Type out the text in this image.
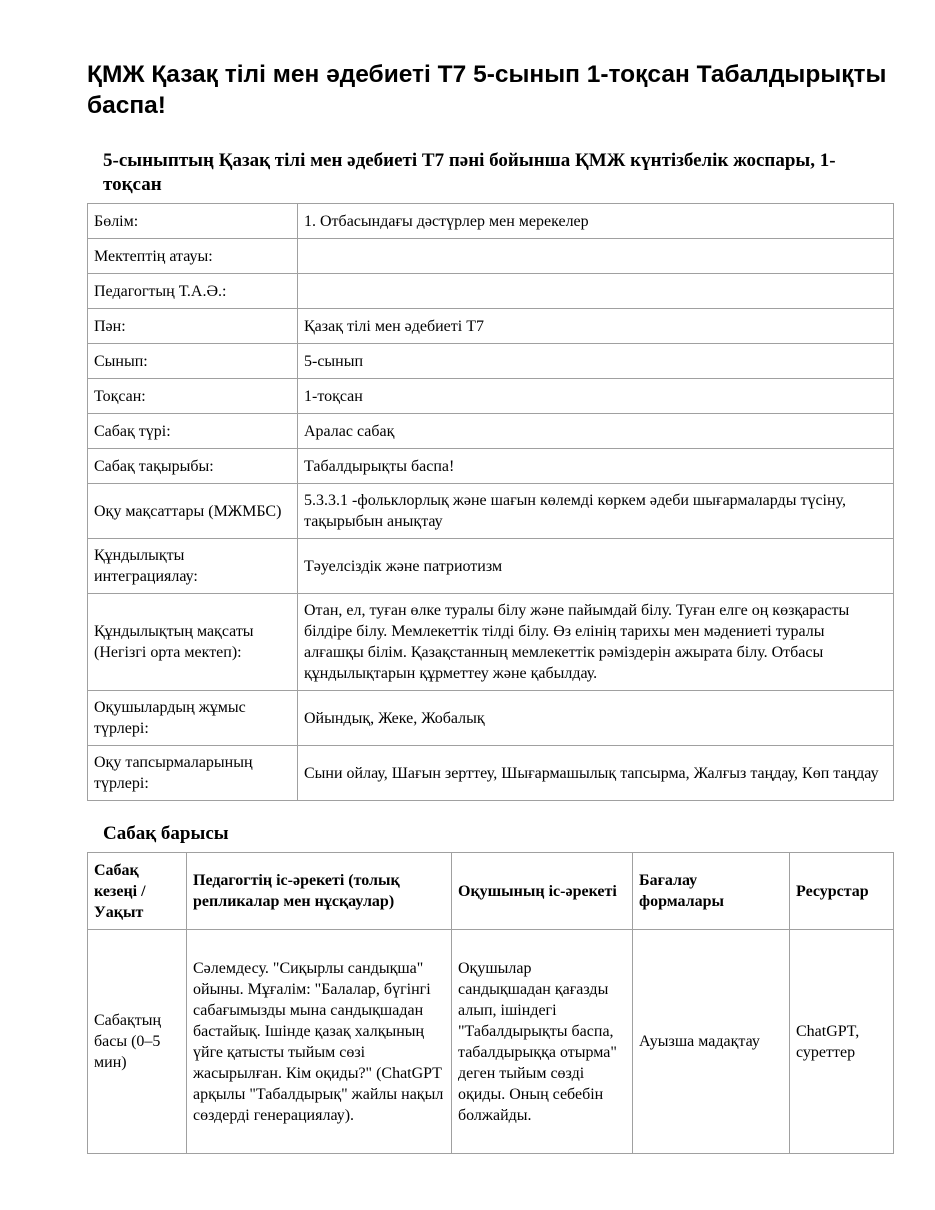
ҚМЖ Қазақ тілі мен әдебиеті Т7 5-сынып 1-тоқсан Табалдырықты баспа!
5-сыныптың Қазақ тілі мен әдебиеті Т7 пәні бойынша ҚМЖ күнтізбелік жоспары, 1-тоқсан
Бөлім:	1. Отбасындағы дәстүрлер мен мерекелер
Мектептің атауы:	
Педагогтың Т.А.Ә.:	
Пән:	Қазақ тілі мен әдебиеті Т7
Сынып:	5-сынып
Тоқсан:	1-тоқсан
Сабақ түрі:	Аралас сабақ
Сабақ тақырыбы:	Табалдырықты баспа!
Оқу мақсаттары (МЖМБС)	5.3.3.1 -фольклорлық және шағын көлемді көркем әдеби шығармаларды түсіну, тақырыбын анықтау
Құндылықты интеграциялау:	Тәуелсіздік және патриотизм
Құндылықтың мақсаты (Негізгі орта мектеп):	Отан, ел, туған өлке туралы білу және пайымдай білу. Туған елге оң көзқарасты білдіре білу. Мемлекеттік тілді білу. Өз елінің тарихы мен мәдениеті туралы алғашқы білім. Қазақстанның мемлекеттік рәміздерін ажырата білу. Отбасы құндылықтарын құрметтеу және қабылдау.
Оқушылардың жұмыс түрлері:	Ойындық, Жеке, Жобалық
Оқу тапсырмаларының түрлері:	Сыни ойлау, Шағын зерттеу, Шығармашылық тапсырма, Жалғыз таңдау, Көп таңдау
Сабақ барысы
Сабақ кезеңі / Уақыт	Педагогтің іс-әрекеті (толық репликалар мен нұсқаулар)	Оқушының іс-әрекеті	Бағалау формалары	Ресурстар
Сабақтың басы (0–5 мин)	Сәлемдесу. "Сиқырлы сандықша" ойыны. Мұғалім: "Балалар, бүгінгі сабағымызды мына сандықшадан бастайық. Ішінде қазақ халқының үйге қатысты тыйым сөзі жасырылған. Кім оқиды?" (ChatGPT арқылы "Табалдырық" жайлы нақыл сөздерді генерациялау).	Оқушылар сандықшадан қағазды алып, ішіндегі "Табалдырықты баспа, табалдырыққа отырма" деген тыйым сөзді оқиды. Оның себебін болжайды.	Ауызша мадақтау	ChatGPT, суреттер
